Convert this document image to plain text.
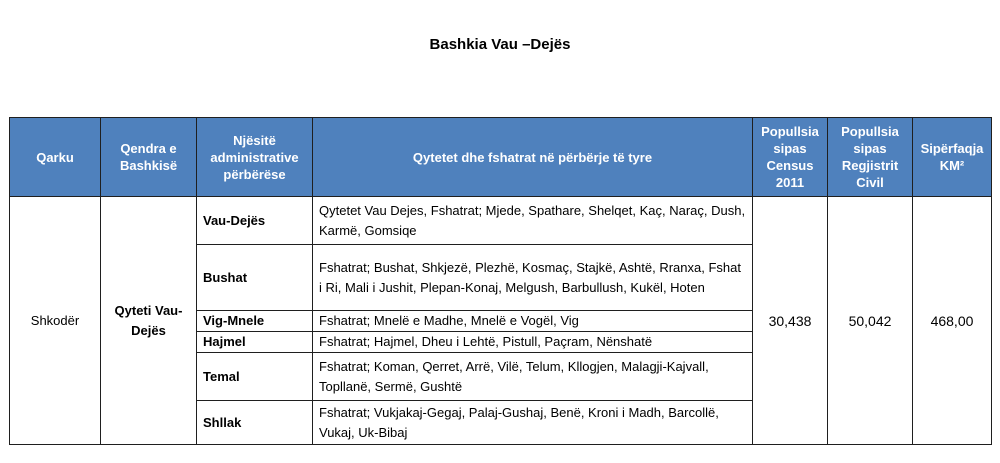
Bashkia Vau –Dejës
Qarku	Qendra e Bashkisë	Njësitë administrative përbërëse	Qytetet dhe fshatrat në përbërje të tyre	Popullsia sipas Census 2011	Popullsia sipas Regjistrit Civil	Sipërfaqja KM²
Shkodër	Qyteti Vau-Dejës	Vau-Dejës	Qytetet Vau Dejes, Fshatrat; Mjede, Spathare, Shelqet, Kaç, Naraç, Dush, Karmë, Gomsiqe	30,438	50,042	468,00
		Bushat	Fshatrat; Bushat, Shkjezë, Plezhë, Kosmaç, Stajkë, Ashtë, Rranxa, Fshat i Ri, Mali i Jushit, Plepan-Konaj, Melgush, Barbullush, Kukël, Hoten			
		Vig-Mnele	Fshatrat; Mnelë e Madhe, Mnelë e Vogël, Vig			
		Hajmel	Fshatrat; Hajmel, Dheu i Lehtë, Pistull, Paçram, Nënshatë			
		Temal	Fshatrat; Koman, Qerret, Arrë, Vilë, Telum, Kllogjen, Malagji-Kajvall, Topllanë, Sermë, Gushtë			
		Shllak	Fshatrat; Vukjakaj-Gegaj, Palaj-Gushaj, Benë, Kroni i Madh, Barcollë, Vukaj, Uk-Bibaj			
